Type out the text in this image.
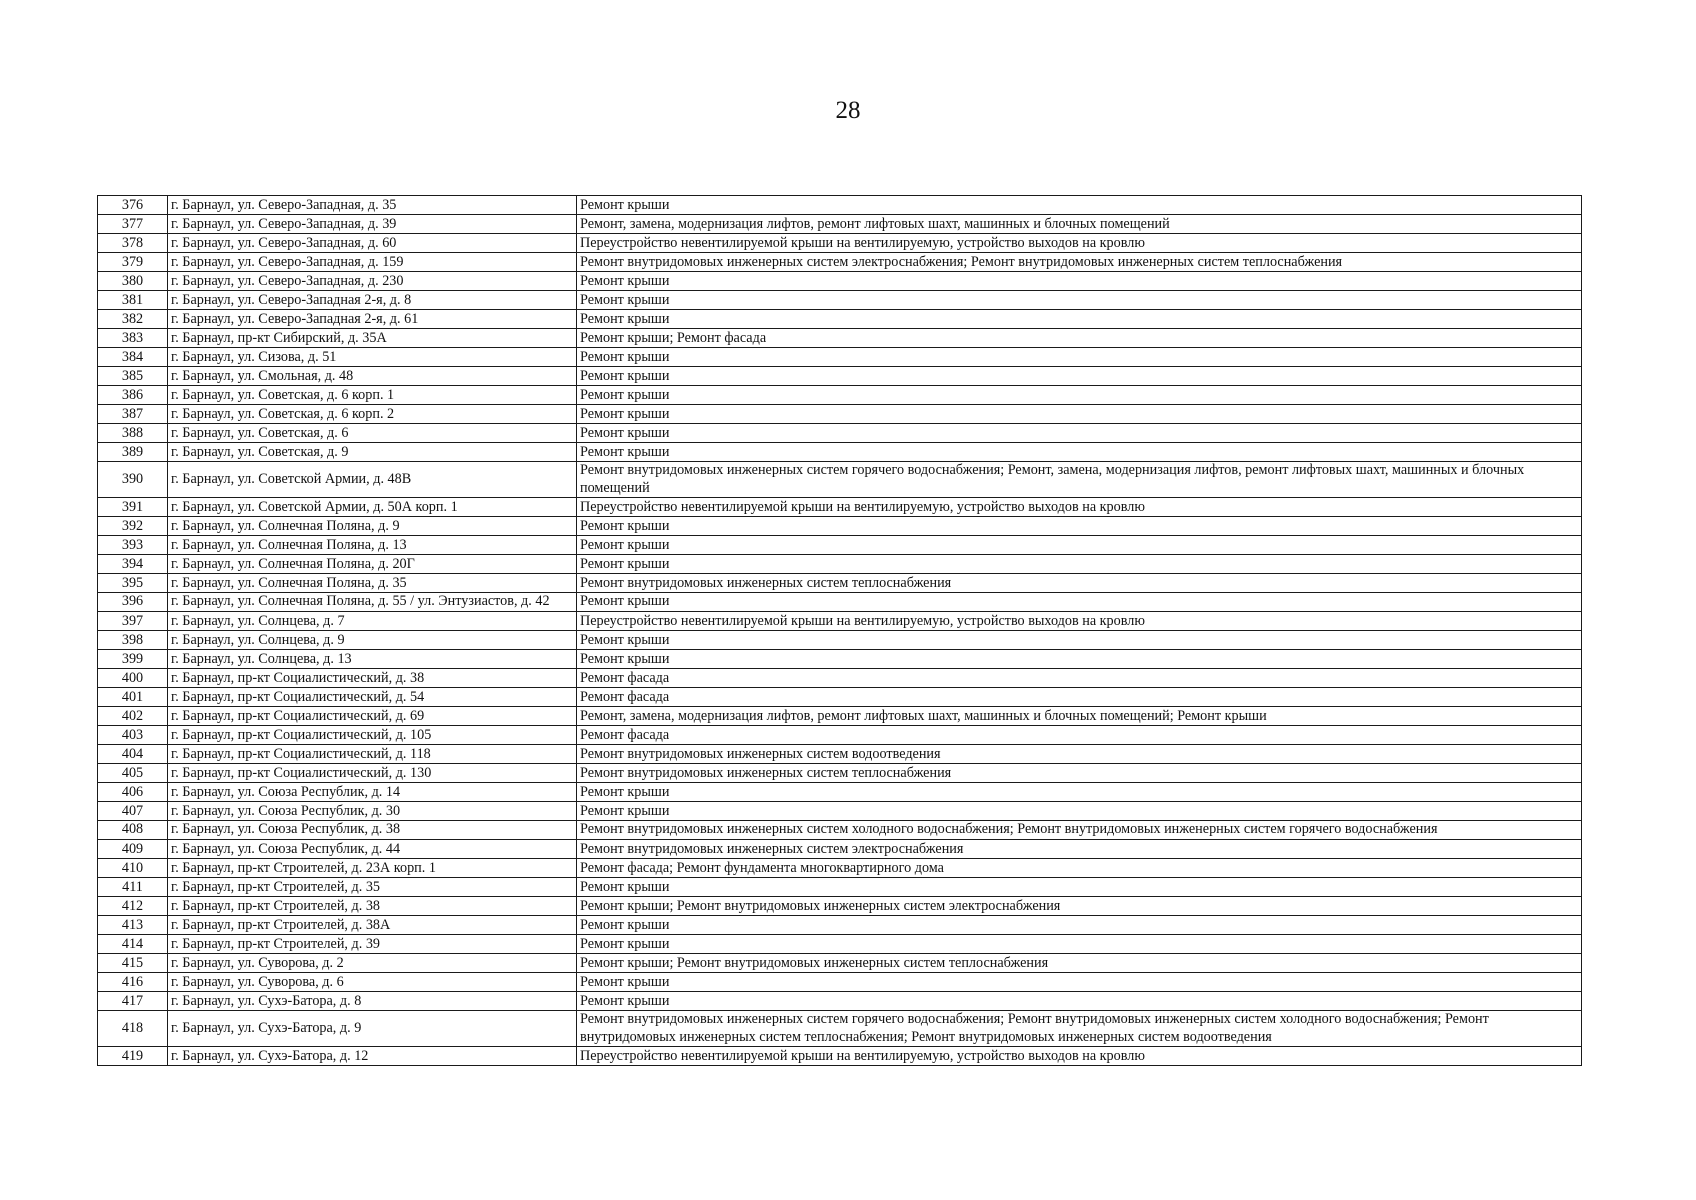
28
376	г. Барнаул, ул. Северо-Западная, д. 35	Ремонт крыши
377	г. Барнаул, ул. Северо-Западная, д. 39	Ремонт, замена, модернизация лифтов, ремонт лифтовых шахт, машинных и блочных помещений
378	г. Барнаул, ул. Северо-Западная, д. 60	Переустройство невентилируемой крыши на вентилируемую, устройство выходов на кровлю
379	г. Барнаул, ул. Северо-Западная, д. 159	Ремонт внутридомовых инженерных систем электроснабжения; Ремонт внутридомовых инженерных систем теплоснабжения
380	г. Барнаул, ул. Северо-Западная, д. 230	Ремонт крыши
381	г. Барнаул, ул. Северо-Западная 2-я, д. 8	Ремонт крыши
382	г. Барнаул, ул. Северо-Западная 2-я, д. 61	Ремонт крыши
383	г. Барнаул, пр-кт Сибирский, д. 35А	Ремонт крыши; Ремонт фасада
384	г. Барнаул, ул. Сизова, д. 51	Ремонт крыши
385	г. Барнаул, ул. Смольная, д. 48	Ремонт крыши
386	г. Барнаул, ул. Советская, д. 6 корп. 1	Ремонт крыши
387	г. Барнаул, ул. Советская, д. 6 корп. 2	Ремонт крыши
388	г. Барнаул, ул. Советская, д. 6	Ремонт крыши
389	г. Барнаул, ул. Советская, д. 9	Ремонт крыши
390	г. Барнаул, ул. Советской Армии, д. 48В	Ремонт внутридомовых инженерных систем горячего водоснабжения; Ремонт, замена, модернизация лифтов, ремонт лифтовых шахт, машинных и блочных помещений
391	г. Барнаул, ул. Советской Армии, д. 50А корп. 1	Переустройство невентилируемой крыши на вентилируемую, устройство выходов на кровлю
392	г. Барнаул, ул. Солнечная Поляна, д. 9	Ремонт крыши
393	г. Барнаул, ул. Солнечная Поляна, д. 13	Ремонт крыши
394	г. Барнаул, ул. Солнечная Поляна, д. 20Г	Ремонт крыши
395	г. Барнаул, ул. Солнечная Поляна, д. 35	Ремонт внутридомовых инженерных систем теплоснабжения
396	г. Барнаул, ул. Солнечная Поляна, д. 55 / ул. Энтузиастов, д. 42	Ремонт крыши
397	г. Барнаул, ул. Солнцева, д. 7	Переустройство невентилируемой крыши на вентилируемую, устройство выходов на кровлю
398	г. Барнаул, ул. Солнцева, д. 9	Ремонт крыши
399	г. Барнаул, ул. Солнцева, д. 13	Ремонт крыши
400	г. Барнаул, пр-кт Социалистический, д. 38	Ремонт фасада
401	г. Барнаул, пр-кт Социалистический, д. 54	Ремонт фасада
402	г. Барнаул, пр-кт Социалистический, д. 69	Ремонт, замена, модернизация лифтов, ремонт лифтовых шахт, машинных и блочных помещений; Ремонт крыши
403	г. Барнаул, пр-кт Социалистический, д. 105	Ремонт фасада
404	г. Барнаул, пр-кт Социалистический, д. 118	Ремонт внутридомовых инженерных систем водоотведения
405	г. Барнаул, пр-кт Социалистический, д. 130	Ремонт внутридомовых инженерных систем теплоснабжения
406	г. Барнаул, ул. Союза Республик, д. 14	Ремонт крыши
407	г. Барнаул, ул. Союза Республик, д. 30	Ремонт крыши
408	г. Барнаул, ул. Союза Республик, д. 38	Ремонт внутридомовых инженерных систем холодного водоснабжения; Ремонт внутридомовых инженерных систем горячего водоснабжения
409	г. Барнаул, ул. Союза Республик, д. 44	Ремонт внутридомовых инженерных систем электроснабжения
410	г. Барнаул, пр-кт Строителей, д. 23А корп. 1	Ремонт фасада; Ремонт фундамента многоквартирного дома
411	г. Барнаул, пр-кт Строителей, д. 35	Ремонт крыши
412	г. Барнаул, пр-кт Строителей, д. 38	Ремонт крыши; Ремонт внутридомовых инженерных систем электроснабжения
413	г. Барнаул, пр-кт Строителей, д. 38А	Ремонт крыши
414	г. Барнаул, пр-кт Строителей, д. 39	Ремонт крыши
415	г. Барнаул, ул. Суворова, д. 2	Ремонт крыши; Ремонт внутридомовых инженерных систем теплоснабжения
416	г. Барнаул, ул. Суворова, д. 6	Ремонт крыши
417	г. Барнаул, ул. Сухэ-Батора, д. 8	Ремонт крыши
418	г. Барнаул, ул. Сухэ-Батора, д. 9	Ремонт внутридомовых инженерных систем горячего водоснабжения; Ремонт внутридомовых инженерных систем холодного водоснабжения; Ремонт внутридомовых инженерных систем теплоснабжения; Ремонт внутридомовых инженерных систем водоотведения
419	г. Барнаул, ул. Сухэ-Батора, д. 12	Переустройство невентилируемой крыши на вентилируемую, устройство выходов на кровлю
